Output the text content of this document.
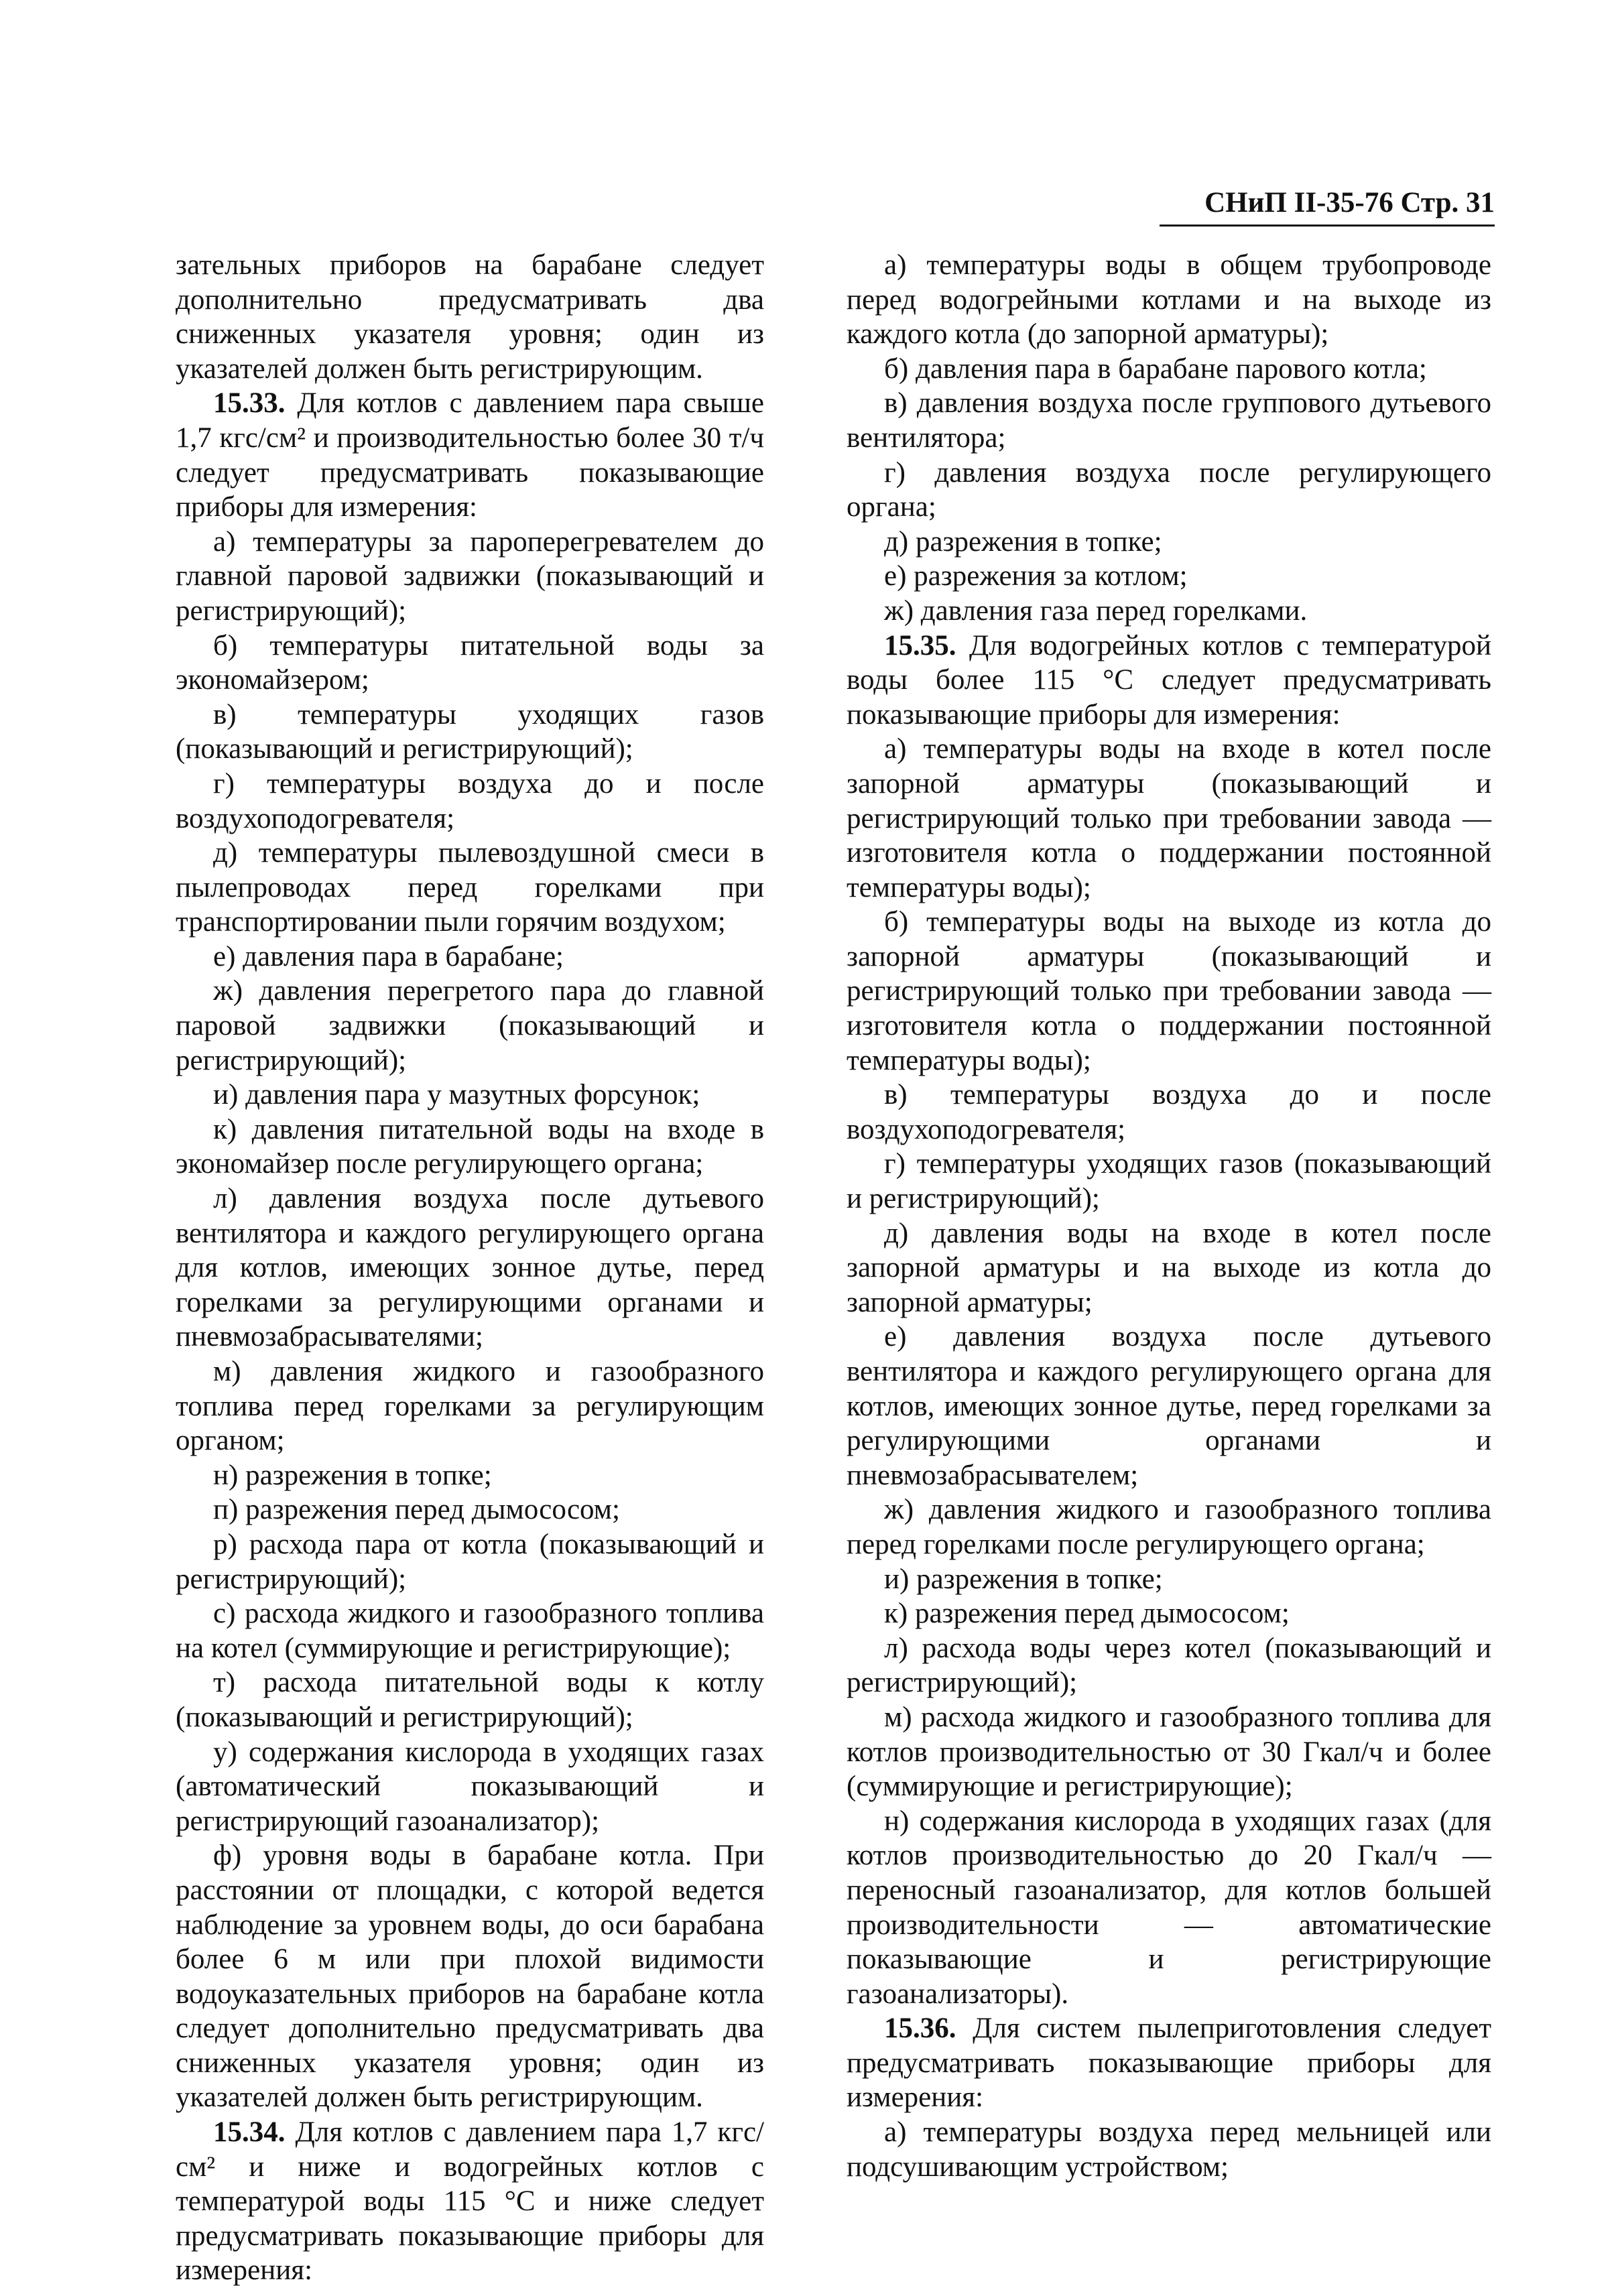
СНиП II-35-76 Стр. 31

зательных приборов на барабане следует дополнительно предусматривать два сниженных указателя уровня; один из указателей должен быть регистрирующим.

15.33. Для котлов с давлением пара свыше 1,7 кгс/см² и производительностью более 30 т/ч следует предусматривать показывающие приборы для измерения:

а) температуры за пароперегревателем до главной паровой задвижки (показывающий и регистрирующий);

б) температуры питательной воды за экономайзером;

в) температуры уходящих газов (показывающий и регистрирующий);

г) температуры воздуха до и после воздухоподогревателя;

д) температуры пылевоздушной смеси в пылепроводах перед горелками при транспортировании пыли горячим воздухом;

е) давления пара в барабане;

ж) давления перегретого пара до главной паровой задвижки (показывающий и регистрирующий);

и) давления пара у мазутных форсунок;

к) давления питательной воды на входе в экономайзер после регулирующего органа;

л) давления воздуха после дутьевого вентилятора и каждого регулирующего органа для котлов, имеющих зонное дутье, перед горелками за регулирующими органами и пневмозабрасывателями;

м) давления жидкого и газообразного топлива перед горелками за регулирующим органом;

н) разрежения в топке;

п) разрежения перед дымососом;

р) расхода пара от котла (показывающий и регистрирующий);

с) расхода жидкого и газообразного топлива на котел (суммирующие и регистрирующие);

т) расхода питательной воды к котлу (показывающий и регистрирующий);

у) содержания кислорода в уходящих газах (автоматический показывающий и регистрирующий газоанализатор);

ф) уровня воды в барабане котла. При расстоянии от площадки, с которой ведется наблюдение за уровнем воды, до оси барабана более 6 м или при плохой видимости водоуказательных приборов на барабане котла следует дополнительно предусматривать два сниженных указателя уровня; один из указателей должен быть регистрирующим.

15.34. Для котлов с давлением пара 1,7 кгс/см² и ниже и водогрейных котлов с температурой воды 115 °С и ниже следует предусматривать показывающие приборы для измерения:

а) температуры воды в общем трубопроводе перед водогрейными котлами и на выходе из каждого котла (до запорной арматуры);

б) давления пара в барабане парового котла;

в) давления воздуха после группового дутьевого вентилятора;

г) давления воздуха после регулирующего органа;

д) разрежения в топке;

е) разрежения за котлом;

ж) давления газа перед горелками.

15.35. Для водогрейных котлов с температурой воды более 115 °С следует предусматривать показывающие приборы для измерения:

а) температуры воды на входе в котел после запорной арматуры (показывающий и регистрирующий только при требовании завода —изготовителя котла о поддержании постоянной температуры воды);

б) температуры воды на выходе из котла до запорной арматуры (показывающий и регистрирующий только при требовании завода —изготовителя котла о поддержании постоянной температуры воды);

в) температуры воздуха до и после воздухоподогревателя;

г) температуры уходящих газов (показывающий и регистрирующий);

д) давления воды на входе в котел после запорной арматуры и на выходе из котла до запорной арматуры;

е) давления воздуха после дутьевого вентилятора и каждого регулирующего органа для котлов, имеющих зонное дутье, перед горелками за регулирующими органами и пневмозабрасывателем;

ж) давления жидкого и газообразного топлива перед горелками после регулирующего органа;

и) разрежения в топке;

к) разрежения перед дымососом;

л) расхода воды через котел (показывающий и регистрирующий);

м) расхода жидкого и газообразного топлива для котлов производительностью от 30 Гкал/ч и более (суммирующие и регистрирующие);

н) содержания кислорода в уходящих газах (для котлов производительностью до 20 Гкал/ч — переносный газоанализатор, для котлов большей производительности — автоматические показывающие и регистрирующие газоанализаторы).

15.36. Для систем пылеприготовления следует предусматривать показывающие приборы для измерения:

а) температуры воздуха перед мельницей или подсушивающим устройством;
